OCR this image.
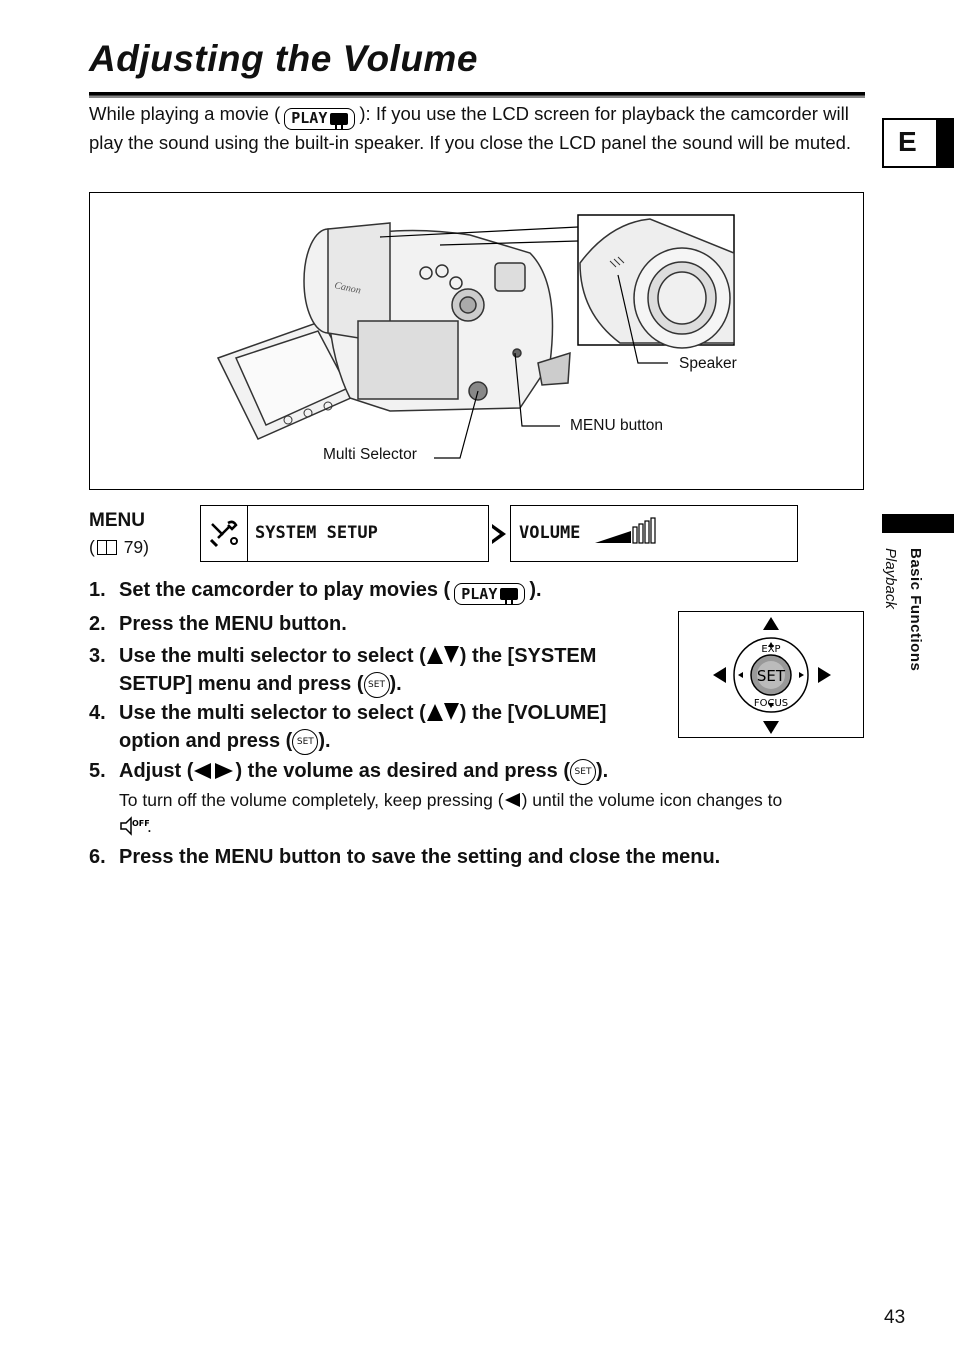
Adjusting the Volume
E
While playing a movie ( PLAY ): If you use the LCD screen for playback the camcorder will play the sound using the built-in speaker. If you close the LCD panel the sound will be muted.
Canon
Speaker
MENU button
Multi Selector
MENU
( 79)
SYSTEM SETUP	VOLUME
1. Set the camcorder to play movies ( PLAY ).
2. Press the MENU button.
3. Use the multi selector to select ( ) the [SYSTEM
SETUP] menu and press ( SET ).
4. Use the multi selector to select ( ) the [VOLUME]
option and press ( SET ).
5. Adjust ( ) the volume as desired and press ( SET ).
6. Press the MENU button to save the setting and close the menu.
To turn off the volume completely, keep pressing ( ) until the volume icon changes to

OFF
.
SET
EXP
FOCUS
Basic Functions
Playback
43
